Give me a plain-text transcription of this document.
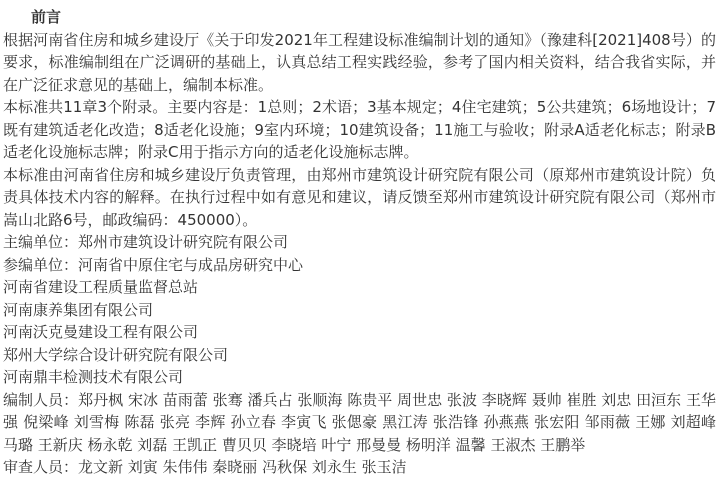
前言

根据河南省住房和城乡建设厅《关于印发2021年工程建设标准编制计划的通知》（豫建科[2021]408号）的要求，标准编制组在广泛调研的基础上，认真总结工程实践经验，参考了国内相关资料，结合我省实际，并在广泛征求意见的基础上，编制本标准。

本标准共11章3个附录。主要内容是：1总则；2术语；3基本规定；4住宅建筑；5公共建筑；6场地设计；7既有建筑适老化改造；8适老化设施；9室内环境；10建筑设备；11施工与验收；附录A适老化标志；附录B适老化设施标志牌；附录C用于指示方向的适老化设施标志牌。

本标准由河南省住房和城乡建设厅负责管理，由郑州市建筑设计研究院有限公司（原郑州市建筑设计院）负责具体技术内容的解释。在执行过程中如有意见和建议，请反馈至郑州市建筑设计研究院有限公司（郑州市嵩山北路6号，邮政编码：450000）。

主编单位：郑州市建筑设计研究院有限公司

参编单位：河南省中原住宅与成品房研究中心

河南省建设工程质量监督总站

河南康养集团有限公司

河南沃克曼建设工程有限公司

郑州大学综合设计研究院有限公司

河南鼎丰检测技术有限公司

编制人员：郑丹枫 宋冰 苗雨蕾 张骞 潘兵占 张顺海 陈贵平 周世忠 张波 李晓辉 聂帅 崔胜 刘忠 田洹东 王华强 倪梁峰 刘雪梅 陈磊 张亮 李辉 孙立春 李寅飞 张偲豪 黑江涛 张浩锋 孙燕燕 张宏阳 邹雨薇 王娜 刘超峰 马璐 王新庆 杨永乾 刘磊 王凯正 曹贝贝 李晓培 叶宁 邢曼曼 杨明洋 温馨 王淑杰 王鹏举

审查人员：龙文新 刘寅 朱伟伟 秦晓丽 冯秋保 刘永生 张玉洁
